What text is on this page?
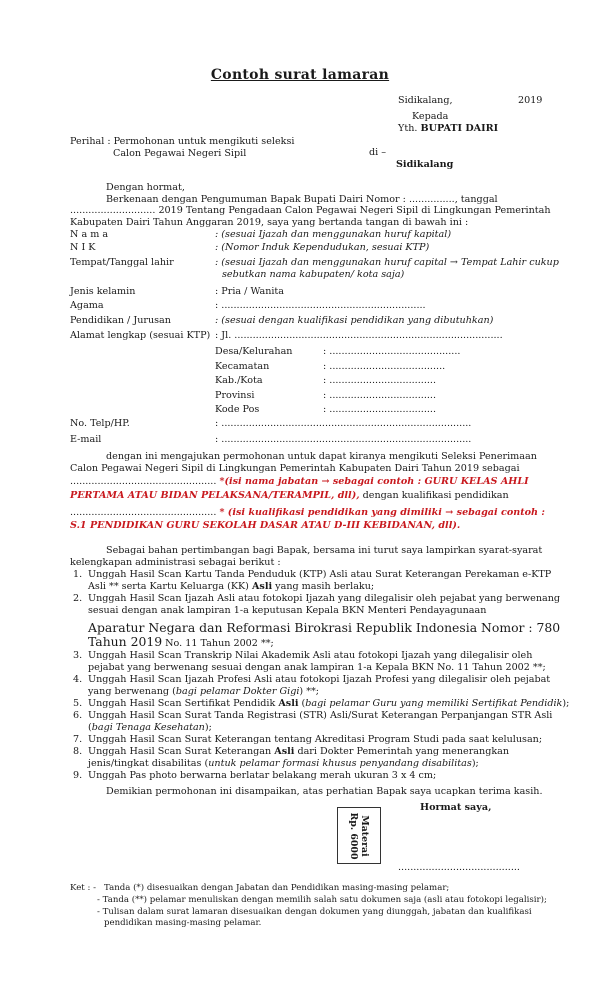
Contoh surat lamaran
Sidikalang,	2019
Kepada
Yth. BUPATI DAIRI
Perihal : Permohonan untuk mengikuti seleksi
Calon Pegawai Negeri Sipil	di –
Sidikalang
Dengan hormat,
Berkenaan dengan Pengumuman Bapak Bupati Dairi Nomor : ..............., tanggal
............................ 2019 Tentang Pengadaan Calon Pegawai Negeri Sipil di Lingkungan Pemerintah
Kabupaten Dairi Tahun Anggaran 2019, saya yang bertanda tangan di bawah ini :
N a m a	: (sesuai Ijazah dan menggunakan huruf kapital)
N I K	: (Nomor Induk Kependudukan, sesuai KTP)
Tempat/Tanggal lahir	: (sesuai Ijazah dan menggunakan huruf capital → Tempat Lahir cukup
sebutkan nama kabupaten/ kota saja)
Jenis kelamin	: Pria / Wanita
Agama	: ...................................................................
Pendidikan / Jurusan	: (sesuai dengan kualifikasi pendidikan yang dibutuhkan)
Alamat lengkap (sesuai KTP) : Jl. ........................................................................................
Desa/Kelurahan	: ...........................................
Kecamatan	: ......................................
Kab./Kota	: ...................................
Provinsi	: ...................................
Kode Pos	: ...................................
No. Telp/HP.	: ..................................................................................
E-mail	: ..................................................................................
dengan ini mengajukan permohonan untuk dapat kiranya mengikuti Seleksi Penerimaan
Calon Pegawai Negeri Sipil di Lingkungan Pemerintah Kabupaten Dairi Tahun 2019 sebagai
................................................ *(isi nama jabatan → sebagai contoh : GURU KELAS AHLI
PERTAMA ATAU BIDAN PELAKSANA/TERAMPIL, dll), dengan kualifikasi pendidikan
................................................ * (isi kualifikasi pendidikan yang dimiliki → sebagai contoh :
S.1 PENDIDIKAN GURU SEKOLAH DASAR ATAU D-III KEBIDANAN, dll).
Sebagai bahan pertimbangan bagi Bapak, bersama ini turut saya lampirkan syarat-syarat
kelengkapan administrasi sebagai berikut :
1. Unggah Hasil Scan Kartu Tanda Penduduk (KTP) Asli atau Surat Keterangan Perekaman e-KTP
Asli ** serta Kartu Keluarga (KK) Asli yang masih berlaku;
2. Unggah Hasil Scan Ijazah Asli atau fotokopi Ijazah yang dilegalisir oleh pejabat yang berwenang
sesuai dengan anak lampiran 1-a keputusan Kepala BKN Menteri Pendayagunaan
Aparatur Negara dan Reformasi Birokrasi Republik Indonesia Nomor : 780
Tahun 2019 No. 11 Tahun 2002 **;
3. Unggah Hasil Scan Transkrip Nilai Akademik Asli atau fotokopi Ijazah yang dilegalisir oleh
pejabat yang berwenang sesuai dengan anak lampiran 1-a Kepala BKN No. 11 Tahun 2002 **;
4. Unggah Hasil Scan Ijazah Profesi Asli atau fotokopi Ijazah Profesi yang dilegalisir oleh pejabat
yang berwenang (bagi pelamar Dokter Gigi) **;
5. Unggah Hasil Scan Sertifikat Pendidik Asli (bagi pelamar Guru yang memiliki Sertifikat Pendidik);
6. Unggah Hasil Scan Surat Tanda Registrasi (STR) Asli/Surat Keterangan Perpanjangan STR Asli
(bagi Tenaga Kesehatan);
7. Unggah Hasil Scan Surat Keterangan tentang Akreditasi Program Studi pada saat kelulusan;
8. Unggah Hasil Scan Surat Keterangan Asli dari Dokter Pemerintah yang menerangkan
jenis/tingkat disabilitas (untuk pelamar formasi khusus penyandang disabilitas);
9. Unggah Pas photo berwarna berlatar belakang merah ukuran 3 x 4 cm;
Demikian permohonan ini disampaikan, atas perhatian Bapak saya ucapkan terima kasih.
Hormat saya,
Materai
Rp. 6000
........................................
Ket : - Tanda (*) disesuaikan dengan Jabatan dan Pendidikan masing-masing pelamar;
- Tanda (**) pelamar menuliskan dengan memilih salah satu dokumen saja (asli atau fotokopi legalisir);
- Tulisan dalam surat lamaran disesuaikan dengan dokumen yang diunggah, jabatan dan kualifikasi
pendidikan masing-masing pelamar.
